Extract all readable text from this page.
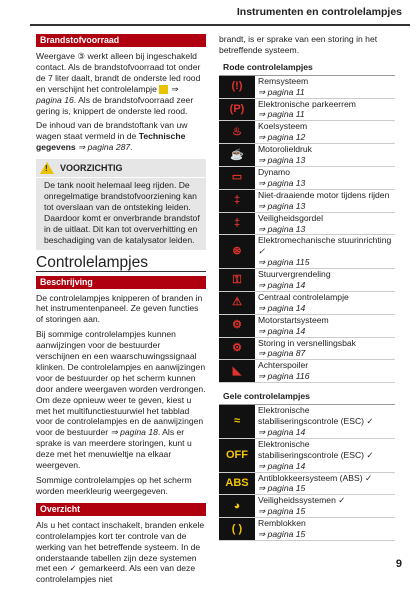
Instrumenten en controlelampjes
Brandstofvoorraad
Weergave ③ werkt alleen bij ingeschakeld contact. Als de brandstofvoorraad tot onder de 7 liter daalt, brandt de onderste led rood en verschijnt het controlelampje ⇒ pagina 16. Als de brandstofvoorraad zeer gering is, knippert de onderste led rood.
De inhoud van de brandstoftank van uw wagen staat vermeld in de Technische gegevens ⇒ pagina 287.
! VOORZICHTIG
De tank nooit helemaal leeg rijden. De onregelmatige brandstofvoorziening kan tot overslaan van de ontsteking leiden. Daardoor komt er onverbrande brandstof in de uitlaat. Dit kan tot oververhitting en beschadiging van de katalysator leiden.
Controlelampjes
Beschrijving
De controlelampjes knipperen of branden in het instrumentenpaneel. Ze geven functies of storingen aan.
Bij sommige controlelampjes kunnen aanwijzingen voor de bestuurder verschijnen en een waarschuwingssignaal klinken. De controlelampjes en aanwijzingen voor de bestuurder op het scherm kunnen door andere weergaven worden verdrongen. Om deze opnieuw weer te geven, kiest u met het multifunctiestuurwiel het tabblad voor de controlelampjes en de aanwijzingen voor de bestuurder ⇒ pagina 18. Als er sprake is van meerdere storingen, kunt u deze met het menuwieltje na elkaar weergeven.
Sommige controlelampjes op het scherm worden meerkleurig weergegeven.
Overzicht
Als u het contact inschakelt, branden enkele controlelampjes kort ter controle van de werking van het betreffende systeem. In de onderstaande tabellen zijn deze systemen met een ✓ gemarkeerd. Als een van deze controlelampjes niet
brandt, is er sprake van een storing in het betreffende systeem.
Rode controlelampjes
(!) Remsysteem
⇒ pagina 11
(P) Elektronische parkeerrem
⇒ pagina 11
♨ Koelsysteem
⇒ pagina 12
☕ Motorolieldruk
⇒ pagina 13
▭ Dynamo
⇒ pagina 13
‡ Niet-draaiende motor tijdens rijden
⇒ pagina 13
‡ Veiligheidsgordel
⇒ pagina 13
⊛
Elektromechanische stuurinrichting
✓
⇒ pagina 115
⚿ Stuurvergrendeling
⇒ pagina 14
⚠ Centraal controlelampje
⇒ pagina 14
⚙ Motorstartsysteem
⇒ pagina 14
⚙ Storing in versnellingsbak
⇒ pagina 87
◣ Achterspoiler
⇒ pagina 116
Gele controlelampjes
≈
Elektronische stabiliseringscontrole (ESC) ✓
⇒ pagina 14
OFF
Elektronische stabiliseringscontrole (ESC) ✓
⇒ pagina 14
ABS Antiblokkeersysteem (ABS) ✓
⇒ pagina 15
◕ Veiligheidssystemen ✓
⇒ pagina 15
( ) Remblokken
⇒ pagina 15
9
